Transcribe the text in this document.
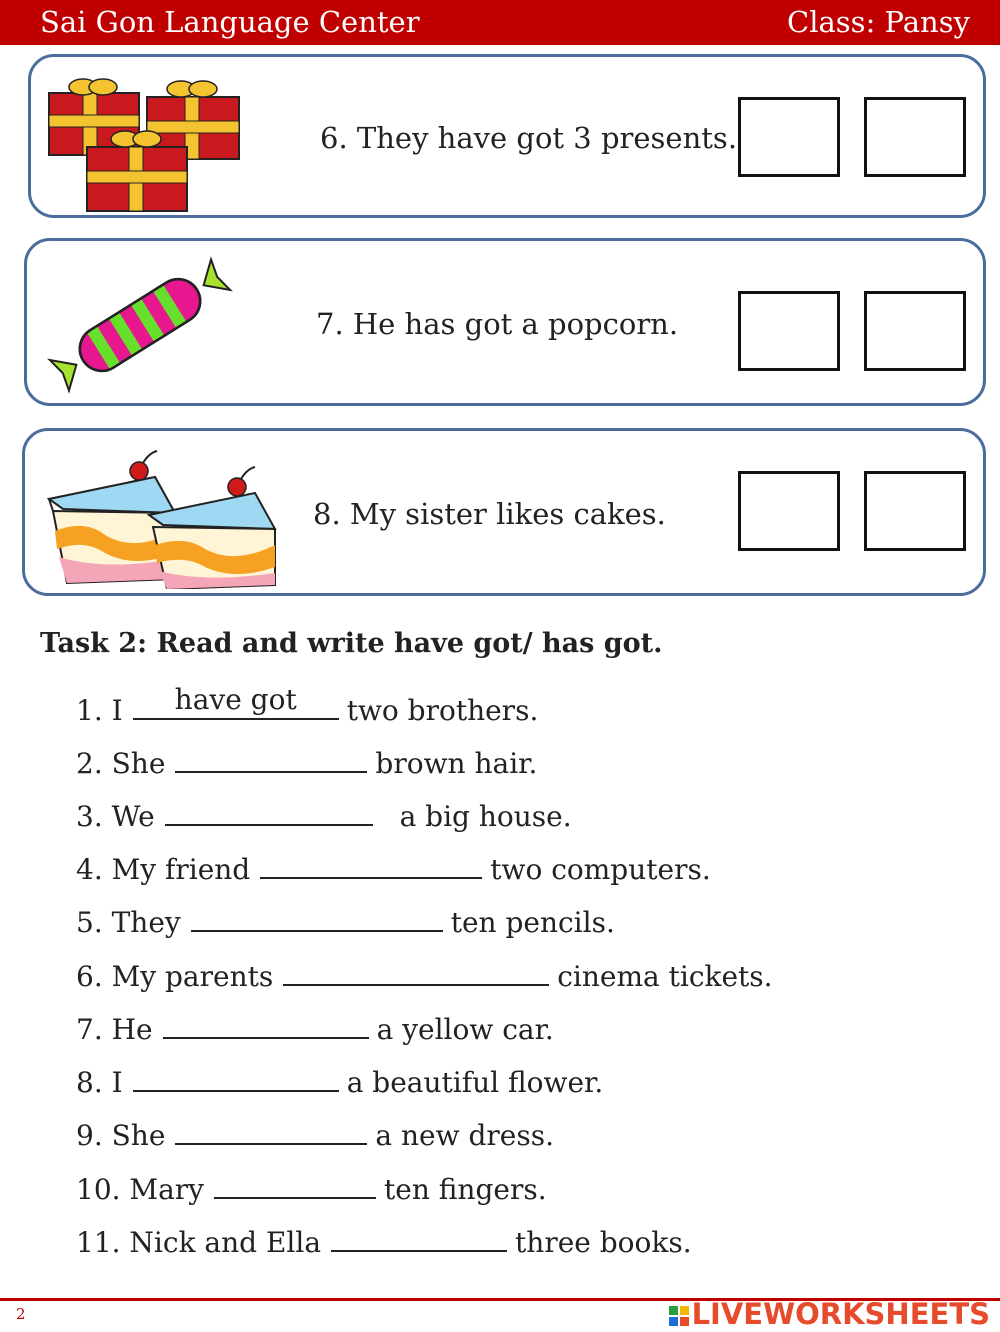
Sai Gon Language Center	Class: Pansy
6. They have got 3 presents.
7. He has got a popcorn.
8. My sister likes cakes.
Task 2: Read and write have got/ has got.
1. I	have got	two brothers.
2. She	brown hair.
3. We	a big house.
4. My friend	two computers.
5. They	ten pencils.
6. My parents	cinema tickets.
7. He	a yellow car.
8. I	a beautiful flower.
9. She	a new dress.
10. Mary	ten fingers.
11. Nick and Ella	three books.
2	LIVEWORKSHEETS
